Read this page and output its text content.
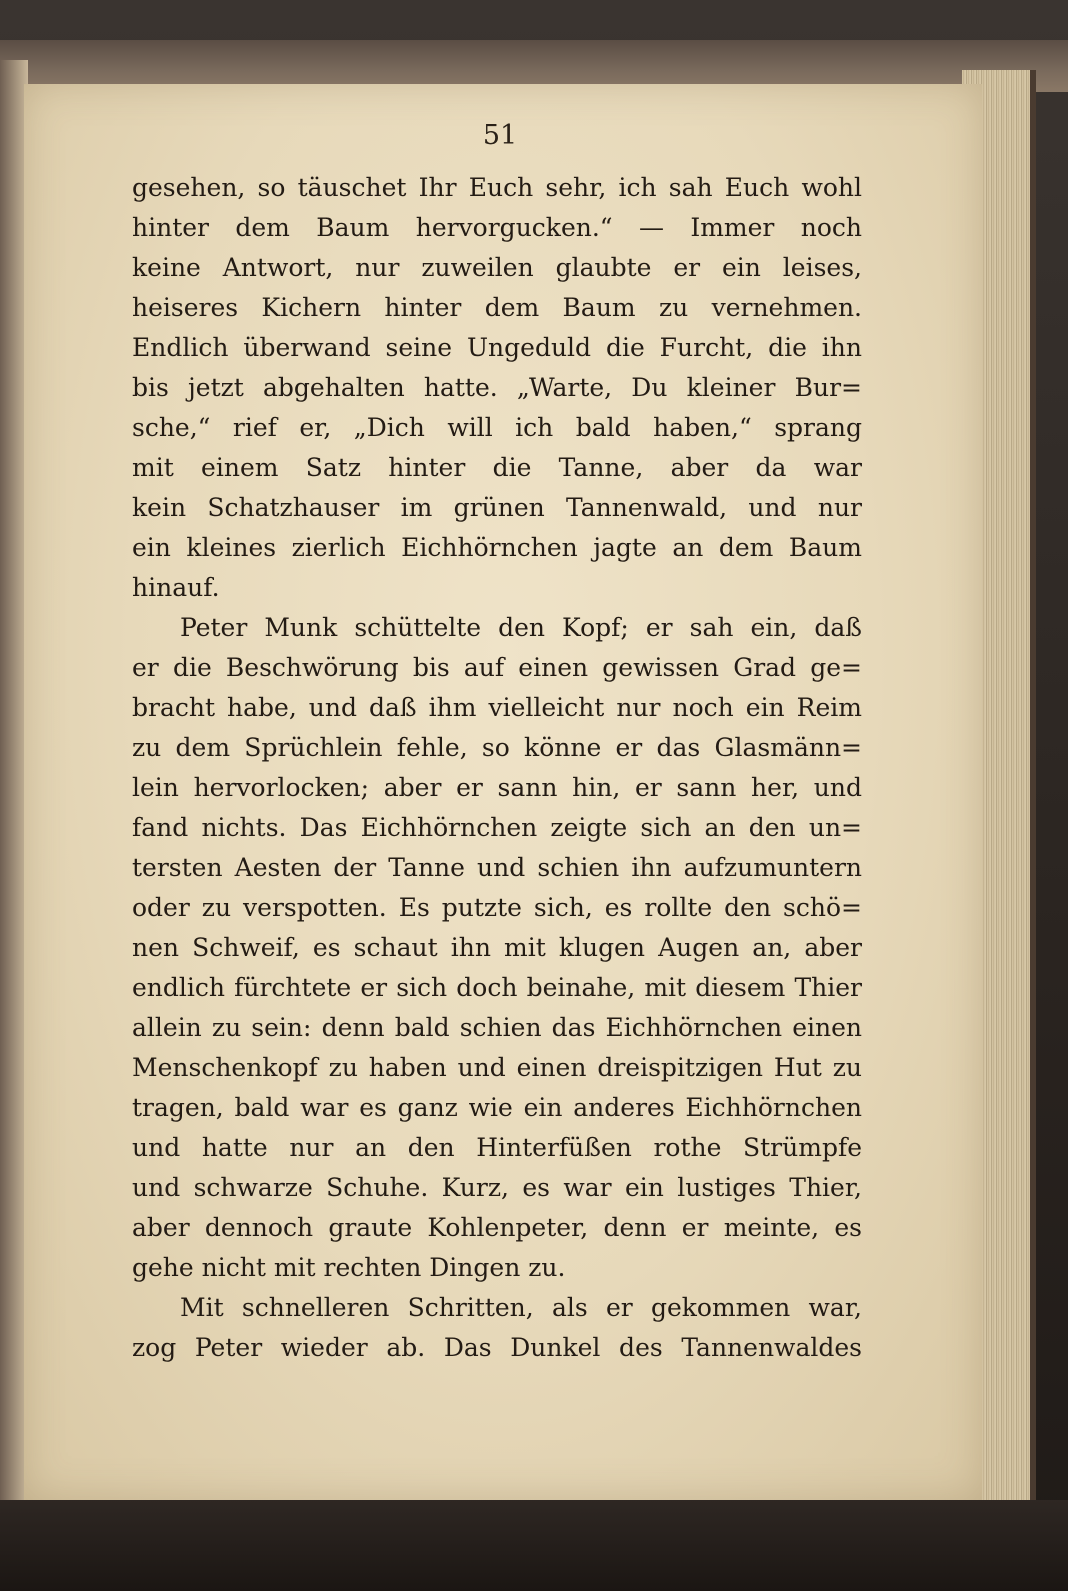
51
gesehen, so täuschet Ihr Euch sehr, ich sah Euch wohl
hinter dem Baum hervorgucken.“ — Immer noch
keine Antwort, nur zuweilen glaubte er ein leises,
heiseres Kichern hinter dem Baum zu vernehmen.
Endlich überwand seine Ungeduld die Furcht, die ihn
bis jetzt abgehalten hatte. „Warte, Du kleiner Bur=
sche,“ rief er, „Dich will ich bald haben,“ sprang
mit einem Satz hinter die Tanne, aber da war
kein Schatzhauser im grünen Tannenwald, und nur
ein kleines zierlich Eichhörnchen jagte an dem Baum
hinauf.
Peter Munk schüttelte den Kopf; er sah ein, daß
er die Beschwörung bis auf einen gewissen Grad ge=
bracht habe, und daß ihm vielleicht nur noch ein Reim
zu dem Sprüchlein fehle, so könne er das Glasmänn=
lein hervorlocken; aber er sann hin, er sann her, und
fand nichts. Das Eichhörnchen zeigte sich an den un=
tersten Aesten der Tanne und schien ihn aufzumuntern
oder zu verspotten. Es putzte sich, es rollte den schö=
nen Schweif, es schaut ihn mit klugen Augen an, aber
endlich fürchtete er sich doch beinahe, mit diesem Thier
allein zu sein: denn bald schien das Eichhörnchen einen
Menschenkopf zu haben und einen dreispitzigen Hut zu
tragen, bald war es ganz wie ein anderes Eichhörnchen
und hatte nur an den Hinterfüßen rothe Strümpfe
und schwarze Schuhe. Kurz, es war ein lustiges Thier,
aber dennoch graute Kohlenpeter, denn er meinte, es
gehe nicht mit rechten Dingen zu.
Mit schnelleren Schritten, als er gekommen war,
zog Peter wieder ab. Das Dunkel des Tannenwaldes
